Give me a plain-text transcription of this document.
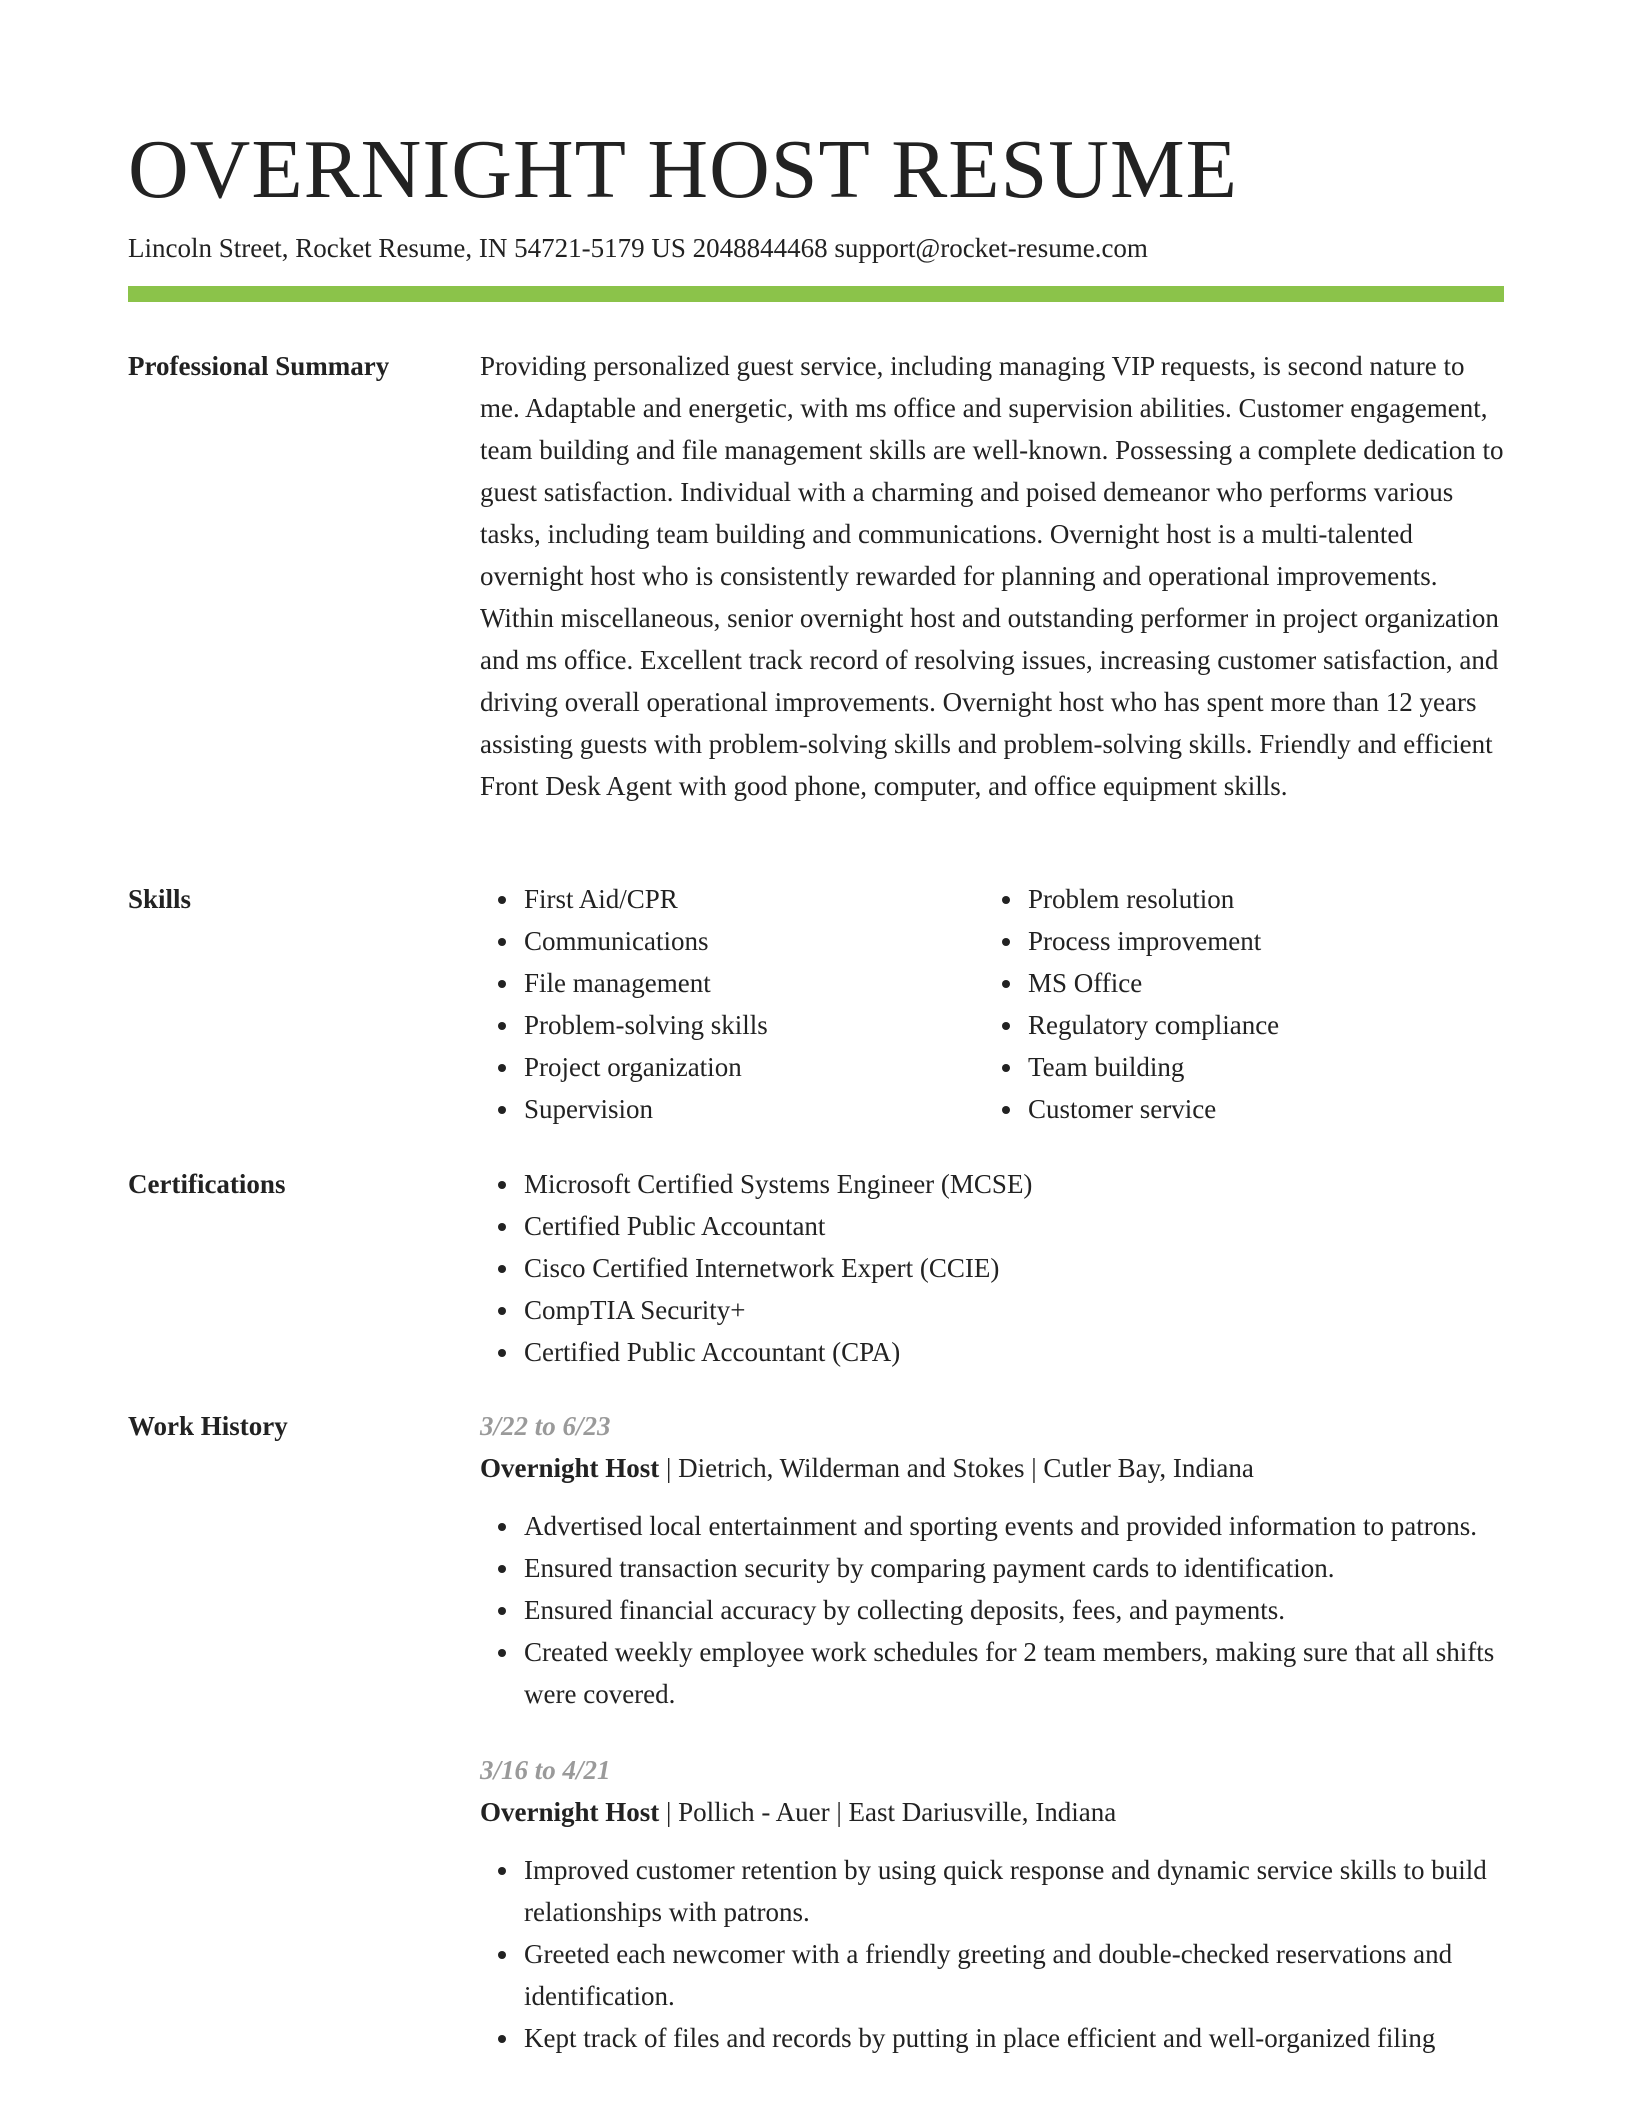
OVERNIGHT HOST RESUME
Lincoln Street, Rocket Resume, IN 54721-5179 US 2048844468 support@rocket-resume.com
Professional Summary	Providing personalized guest service, including managing VIP requests, is second nature to me. Adaptable and energetic, with ms office and supervision abilities. Customer engagement, team building and file management skills are well-known. Possessing a complete dedication to guest satisfaction. Individual with a charming and poised demeanor who performs various tasks, including team building and communications. Overnight host is a multi-talented overnight host who is consistently rewarded for planning and operational improvements. Within miscellaneous, senior overnight host and outstanding performer in project organization and ms office. Excellent track record of resolving issues, increasing customer satisfaction, and driving overall operational improvements. Overnight host who has spent more than 12 years assisting guests with problem-solving skills and problem-solving skills. Friendly and efficient Front Desk Agent with good phone, computer, and office equipment skills.

Skills	First Aid/CPR
Communications
File management
Problem-solving skills
Project organization
Supervision
Problem resolution
Process improvement
MS Office
Regulatory compliance
Team building
Customer service
Certifications	Microsoft Certified Systems Engineer (MCSE)
Certified Public Accountant
Cisco Certified Internetwork Expert (CCIE)
CompTIA Security+
Certified Public Accountant (CPA)
Work History	3/22 to 6/23
Overnight Host | Dietrich, Wilderman and Stokes | Cutler Bay, Indiana
Advertised local entertainment and sporting events and provided information to patrons.
Ensured transaction security by comparing payment cards to identification.
Ensured financial accuracy by collecting deposits, fees, and payments.
Created weekly employee work schedules for 2 team members, making sure that all shifts were covered.
3/16 to 4/21
Overnight Host | Pollich - Auer | East Dariusville, Indiana
Improved customer retention by using quick response and dynamic service skills to build relationships with patrons.
Greeted each newcomer with a friendly greeting and double-checked reservations and identification.
Kept track of files and records by putting in place efficient and well-organized filing
